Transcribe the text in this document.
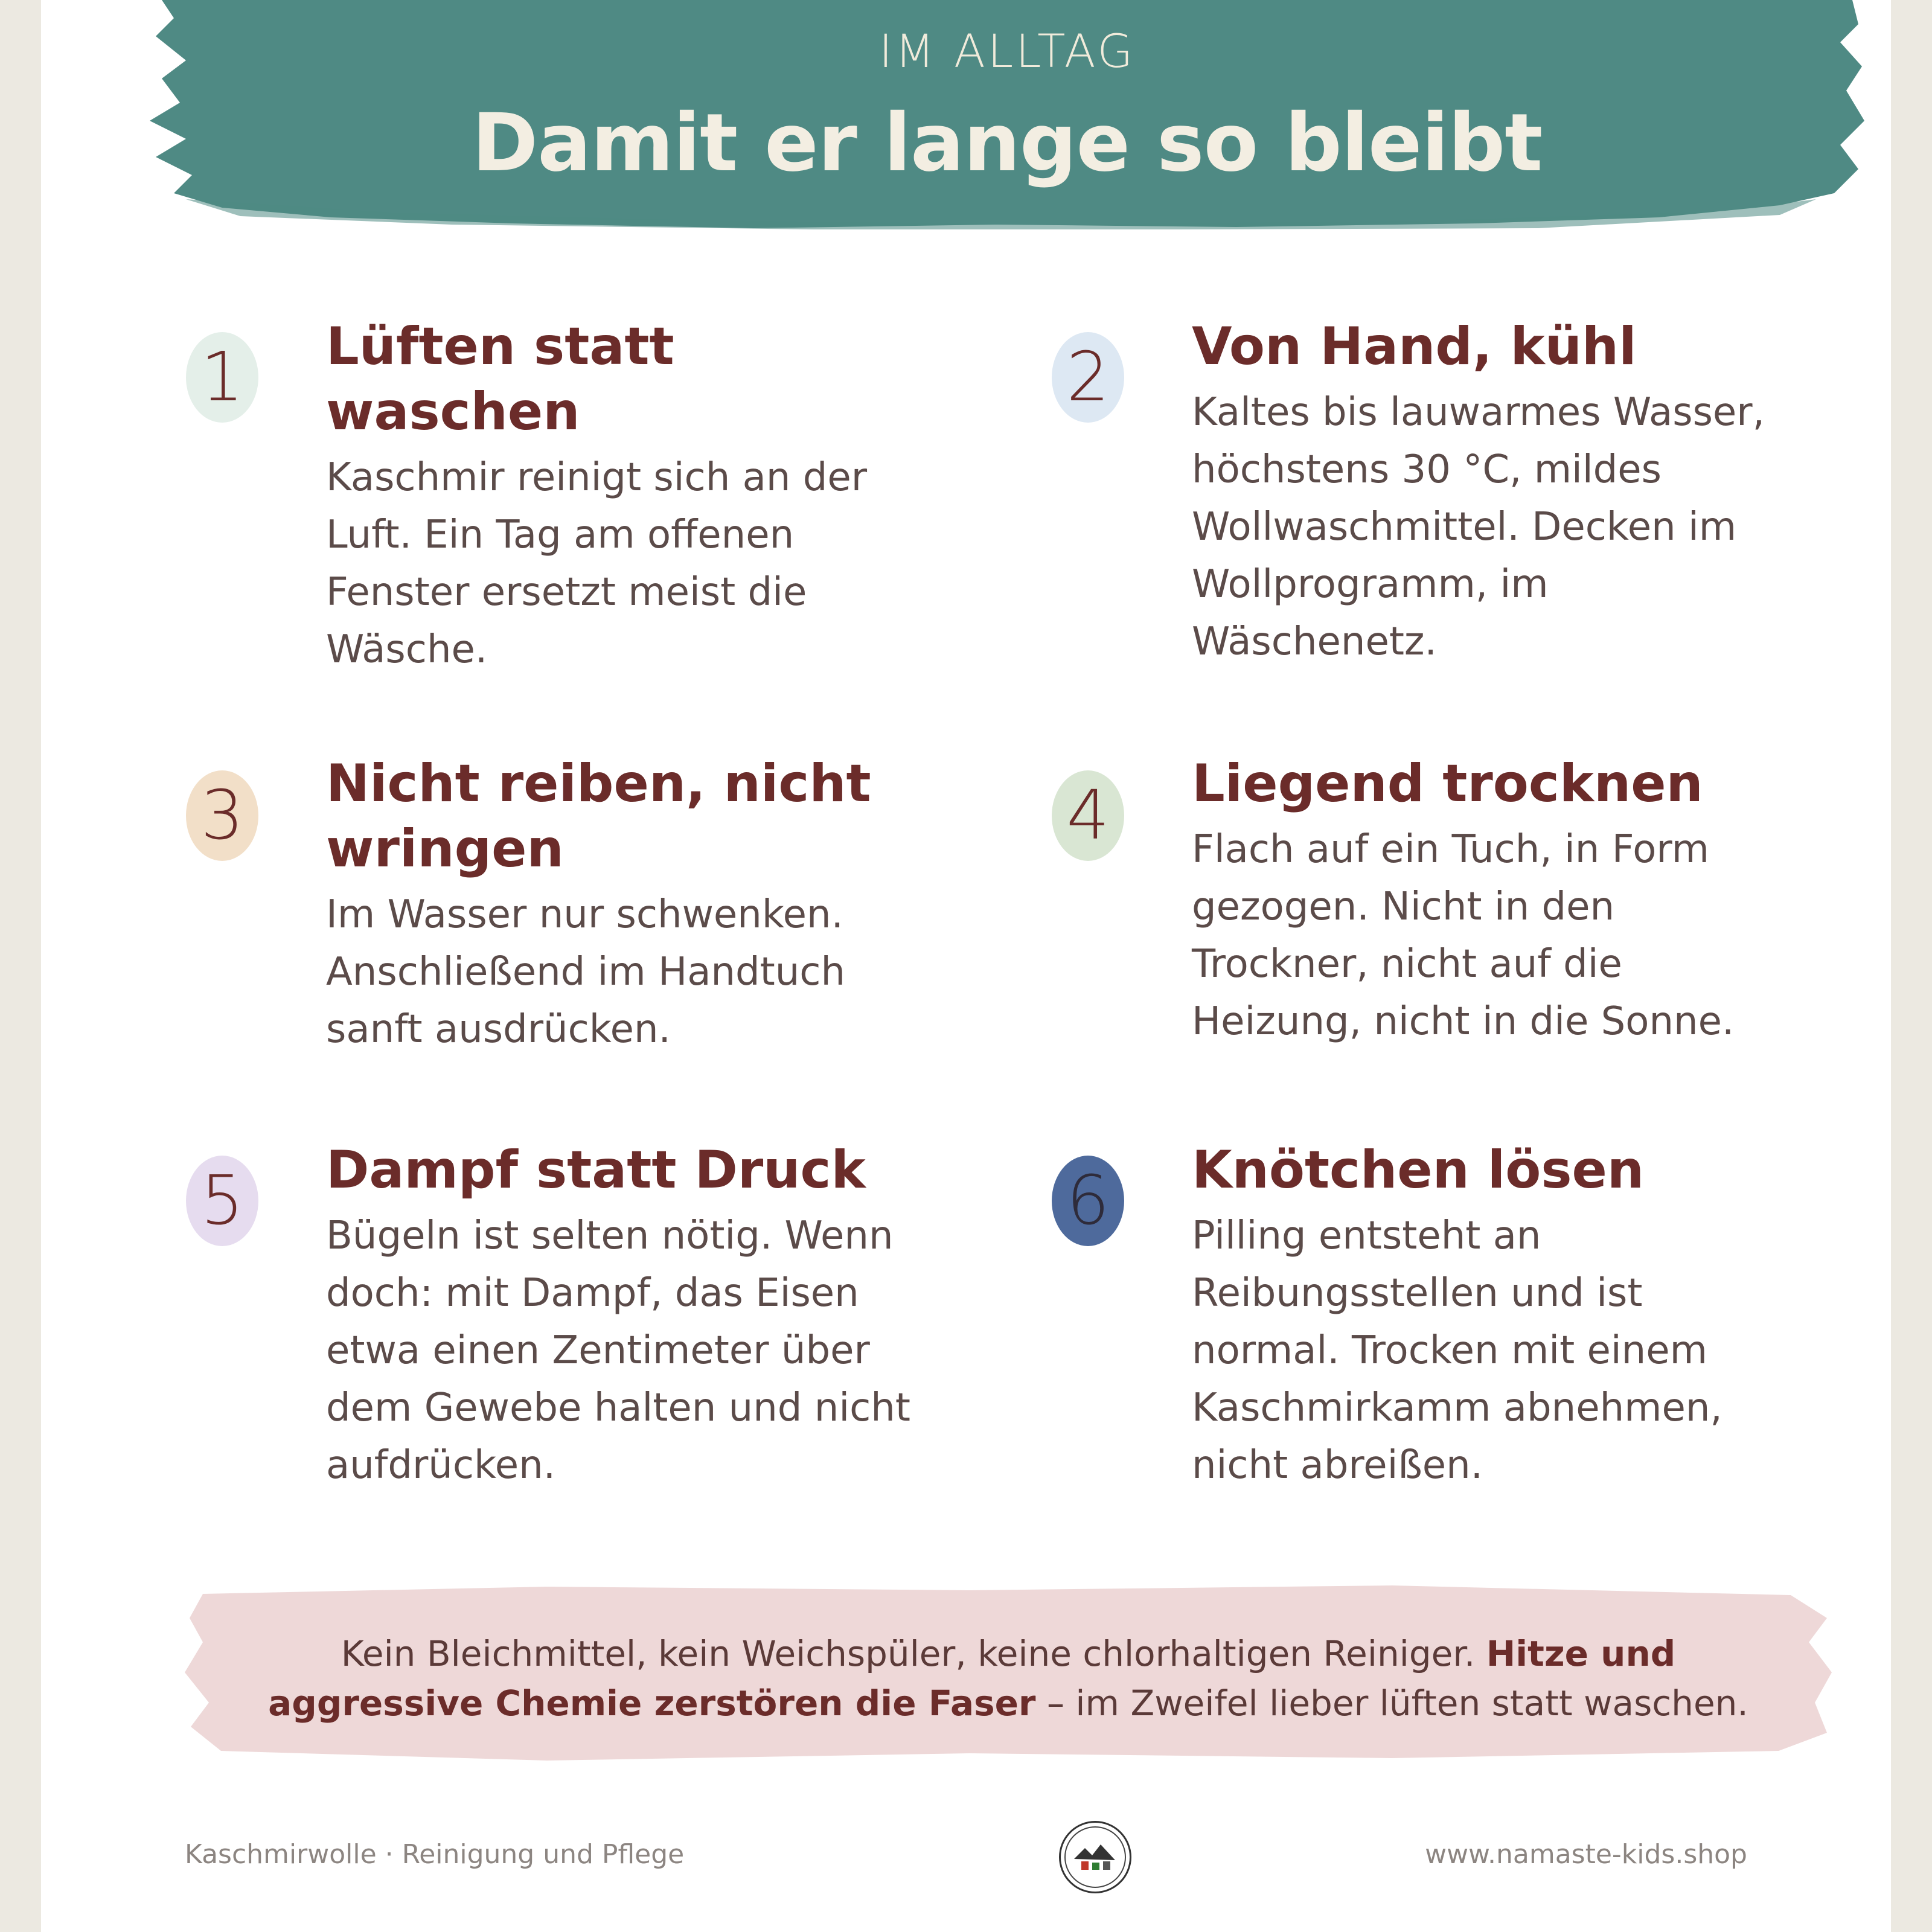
IM ALLTAG
Damit er lange so bleibt
1 Lüften statt waschen

Kaschmir reinigt sich an der Luft. Ein Tag am offenen Fenster ersetzt meist die Wäsche.

2 Von Hand, kühl

Kaltes bis lauwarmes Wasser, höchstens 30 °C, mildes Wollwaschmittel. Decken im Wollprogramm, im Wäschenetz.

3 Nicht reiben, nicht wringen

Im Wasser nur schwenken. Anschließend im Handtuch sanft ausdrücken.

4 Liegend trocknen

Flach auf ein Tuch, in Form gezogen. Nicht in den Trockner, nicht auf die Heizung, nicht in die Sonne.

5 Dampf statt Druck

Bügeln ist selten nötig. Wenn doch: mit Dampf, das Eisen etwa einen Zentimeter über dem Gewebe halten und nicht aufdrücken.

6 Knötchen lösen

Pilling entsteht an Reibungsstellen und ist normal. Trocken mit einem Kaschmirkamm abnehmen, nicht abreißen.

Kein Bleichmittel, kein Weichspüler, keine chlorhaltigen Reiniger. Hitze und aggressive Chemie zerstören die Faser – im Zweifel lieber lüften statt waschen.
Kaschmirwolle · Reinigung und Pflege	www.namaste-kids.shop
